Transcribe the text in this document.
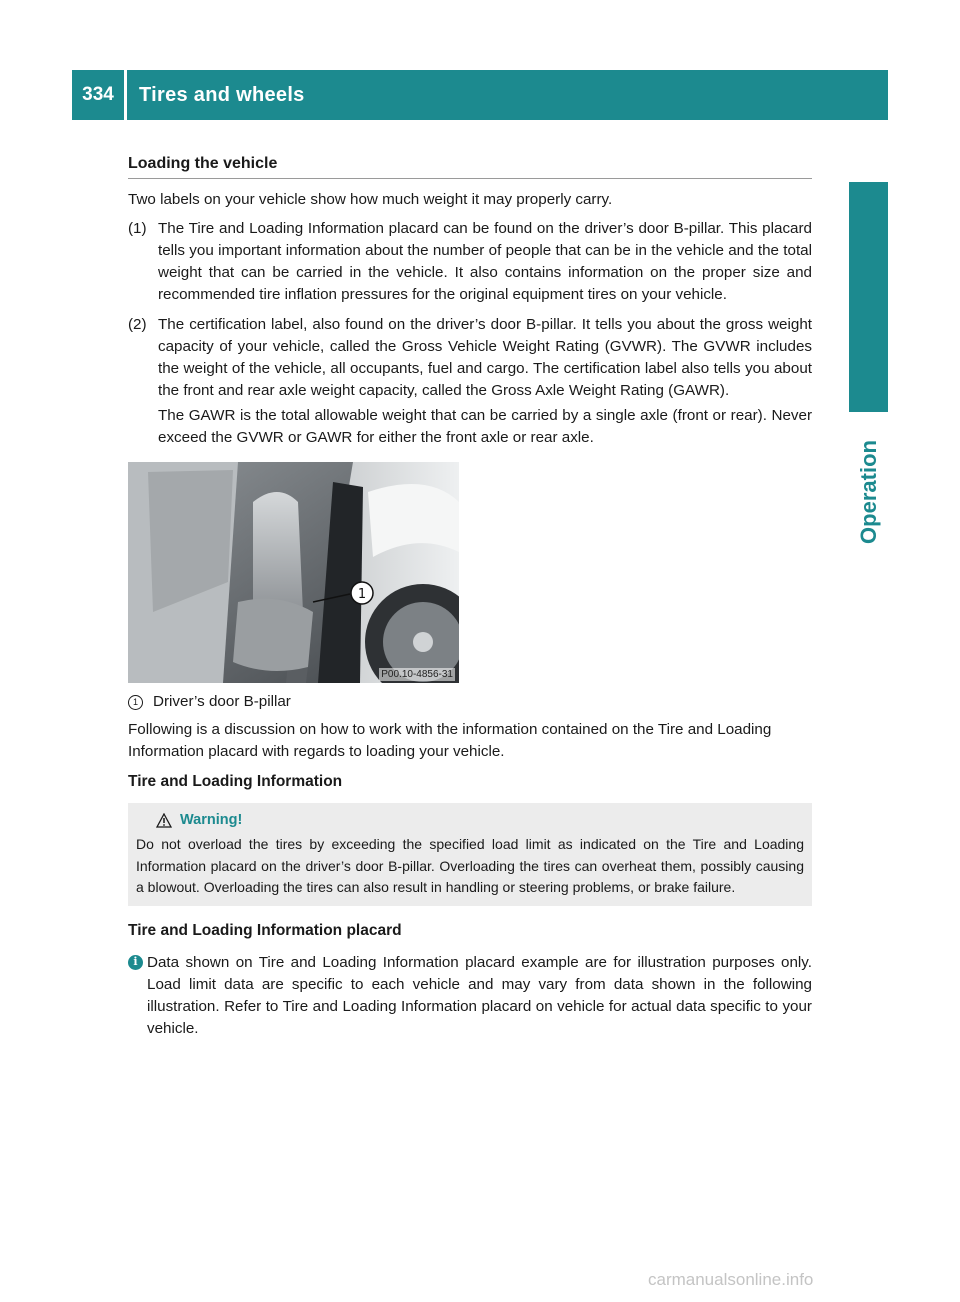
334	Tires and wheels
Operation
Loading the vehicle

Two labels on your vehicle show how much weight it may properly carry.

(1) The Tire and Loading Information placard can be found on the driver’s door B-pillar. This placard tells you important information about the number of people that can be in the vehicle and the total weight that can be carried in the vehicle. It also contains information on the proper size and recommended tire inflation pressures for the original equipment tires on your vehicle.

(2) The certification label, also found on the driver’s door B-pillar. It tells you about the gross weight capacity of your vehicle, called the Gross Vehicle Weight Rating (GVWR). The GVWR includes the weight of the vehicle, all occupants, fuel and cargo. The certification label also tells you about the front and rear axle weight capacity, called the Gross Axle Weight Rating (GAWR).

The GAWR is the total allowable weight that can be carried by a single axle (front or rear). Never exceed the GVWR or GAWR for either the front axle or rear axle.

1
P00.10-4856-31
1 Driver’s door B-pillar

Following is a discussion on how to work with the information contained on the Tire and Loading Information placard with regards to loading your vehicle.

Tire and Loading Information
Warning!
Do not overload the tires by exceeding the specified load limit as indicated on the Tire and Loading Information placard on the driver’s door B-pillar. Overloading the tires can overheat them, possibly causing a blowout. Overloading the tires can also result in handling or steering problems, or brake failure.
Tire and Loading Information placard
i Data shown on Tire and Loading Information placard example are for illustration purposes only. Load limit data are specific to each vehicle and may vary from data shown in the following illustration. Refer to Tire and Loading Information placard on vehicle for actual data specific to your vehicle.
carmanualsonline.info
